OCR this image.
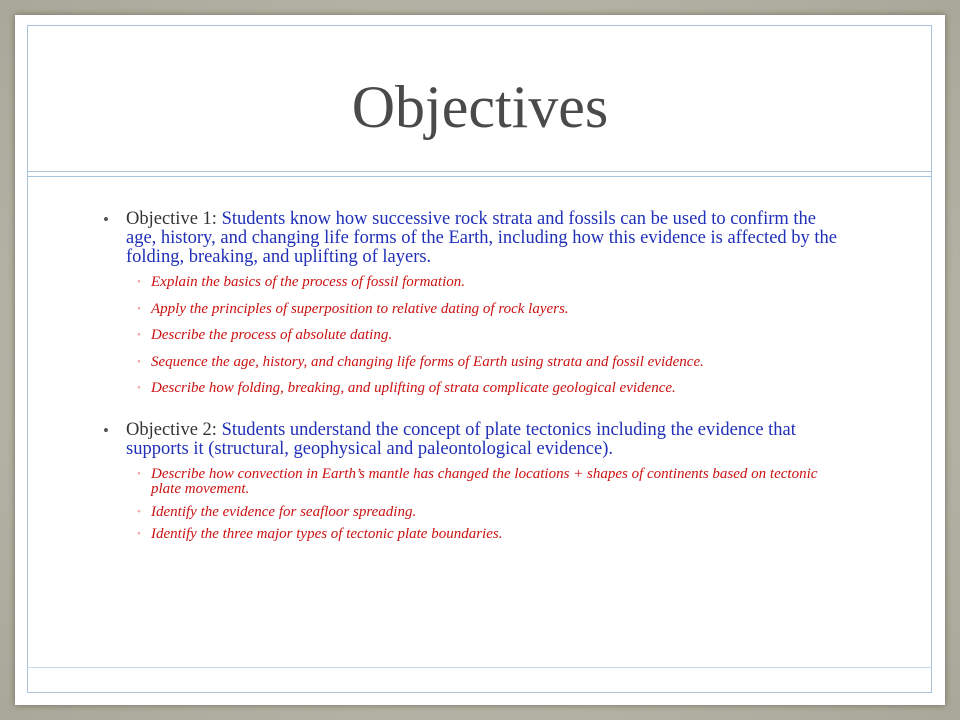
Objectives
• Objective 1: Students know how successive rock strata and fossils can be used to confirm the age, history, and changing life forms of the Earth, including how this evidence is affected by the folding, breaking, and uplifting of layers.
• Explain the basics of the process of fossil formation.
• Apply the principles of superposition to relative dating of rock layers.
• Describe the process of absolute dating.
• Sequence the age, history, and changing life forms of Earth using strata and fossil evidence.
• Describe how folding, breaking, and uplifting of strata complicate geological evidence.
• Objective 2: Students understand the concept of plate tectonics including the evidence that supports it (structural, geophysical and paleontological evidence).
• Describe how convection in Earth’s mantle has changed the locations + shapes of continents based on tectonic plate movement.
• Identify the evidence for seafloor spreading.
• Identify the three major types of tectonic plate boundaries.
